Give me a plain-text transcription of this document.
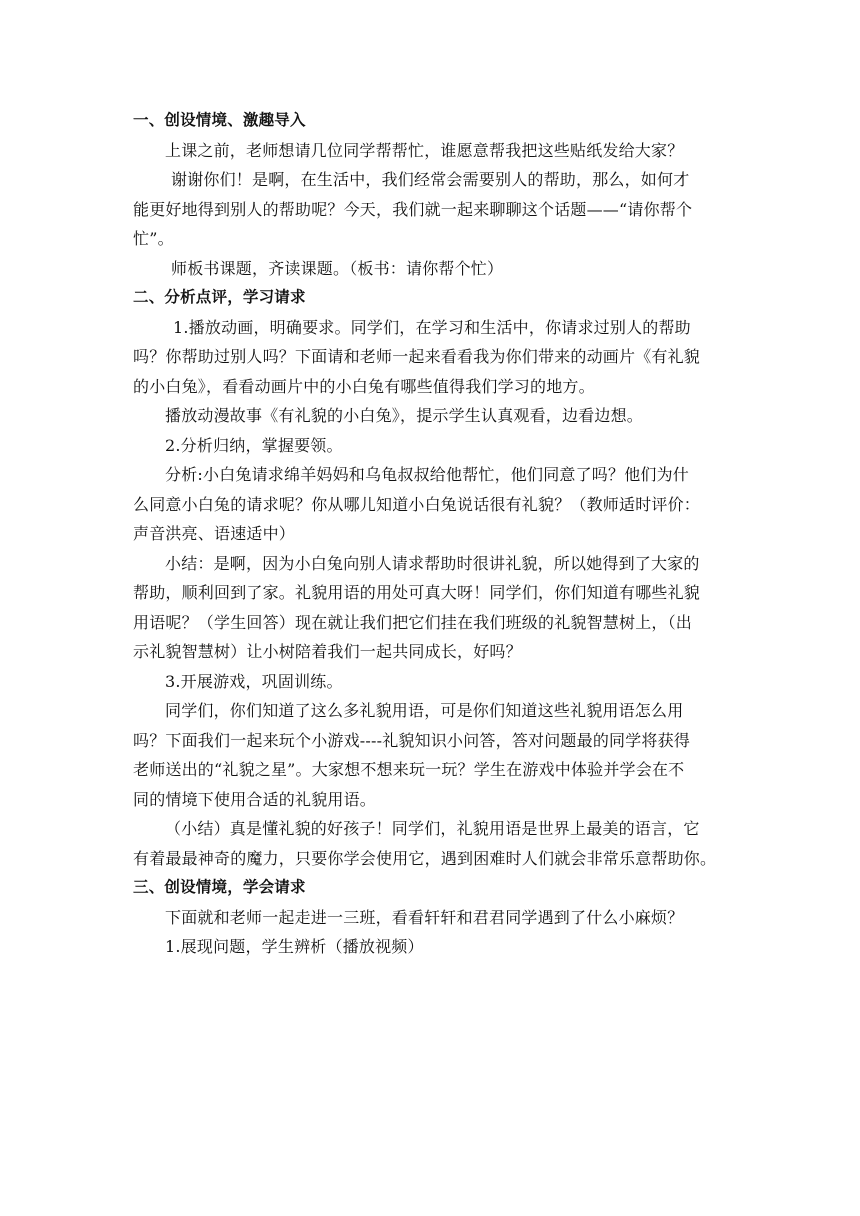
一、创设情境、激趣导入
上课之前，老师想请几位同学帮帮忙，谁愿意帮我把这些贴纸发给大家？
谢谢你们！是啊，在生活中，我们经常会需要别人的帮助，那么，如何才
能更好地得到别人的帮助呢？今天，我们就一起来聊聊这个话题——“请你帮个
忙”。
师板书课题，齐读课题。（板书：请你帮个忙）
二、分析点评，学习请求
1.播放动画，明确要求。同学们，在学习和生活中，你请求过别人的帮助
吗？你帮助过别人吗？下面请和老师一起来看看我为你们带来的动画片《有礼貌
的小白兔》，看看动画片中的小白兔有哪些值得我们学习的地方。
播放动漫故事《有礼貌的小白兔》，提示学生认真观看，边看边想。
2.分析归纳，掌握要领。
分析:小白兔请求绵羊妈妈和乌龟叔叔给他帮忙，他们同意了吗？他们为什
么同意小白兔的请求呢？你从哪儿知道小白兔说话很有礼貌？（教师适时评价：
声音洪亮、语速适中）
小结：是啊，因为小白兔向别人请求帮助时很讲礼貌，所以她得到了大家的
帮助，顺利回到了家。礼貌用语的用处可真大呀！同学们，你们知道有哪些礼貌
用语呢？（学生回答）现在就让我们把它们挂在我们班级的礼貌智慧树上，（出
示礼貌智慧树）让小树陪着我们一起共同成长，好吗？
3.开展游戏，巩固训练。
同学们，你们知道了这么多礼貌用语，可是你们知道这些礼貌用语怎么用
吗？下面我们一起来玩个小游戏----礼貌知识小问答，答对问题最的同学将获得
老师送出的“礼貌之星”。大家想不想来玩一玩？学生在游戏中体验并学会在不
同的情境下使用合适的礼貌用语。
（小结）真是懂礼貌的好孩子！同学们，礼貌用语是世界上最美的语言，它
有着最最神奇的魔力，只要你学会使用它，遇到困难时人们就会非常乐意帮助你。
三、创设情境，学会请求
下面就和老师一起走进一三班，看看轩轩和君君同学遇到了什么小麻烦？
1.展现问题，学生辨析（播放视频）
